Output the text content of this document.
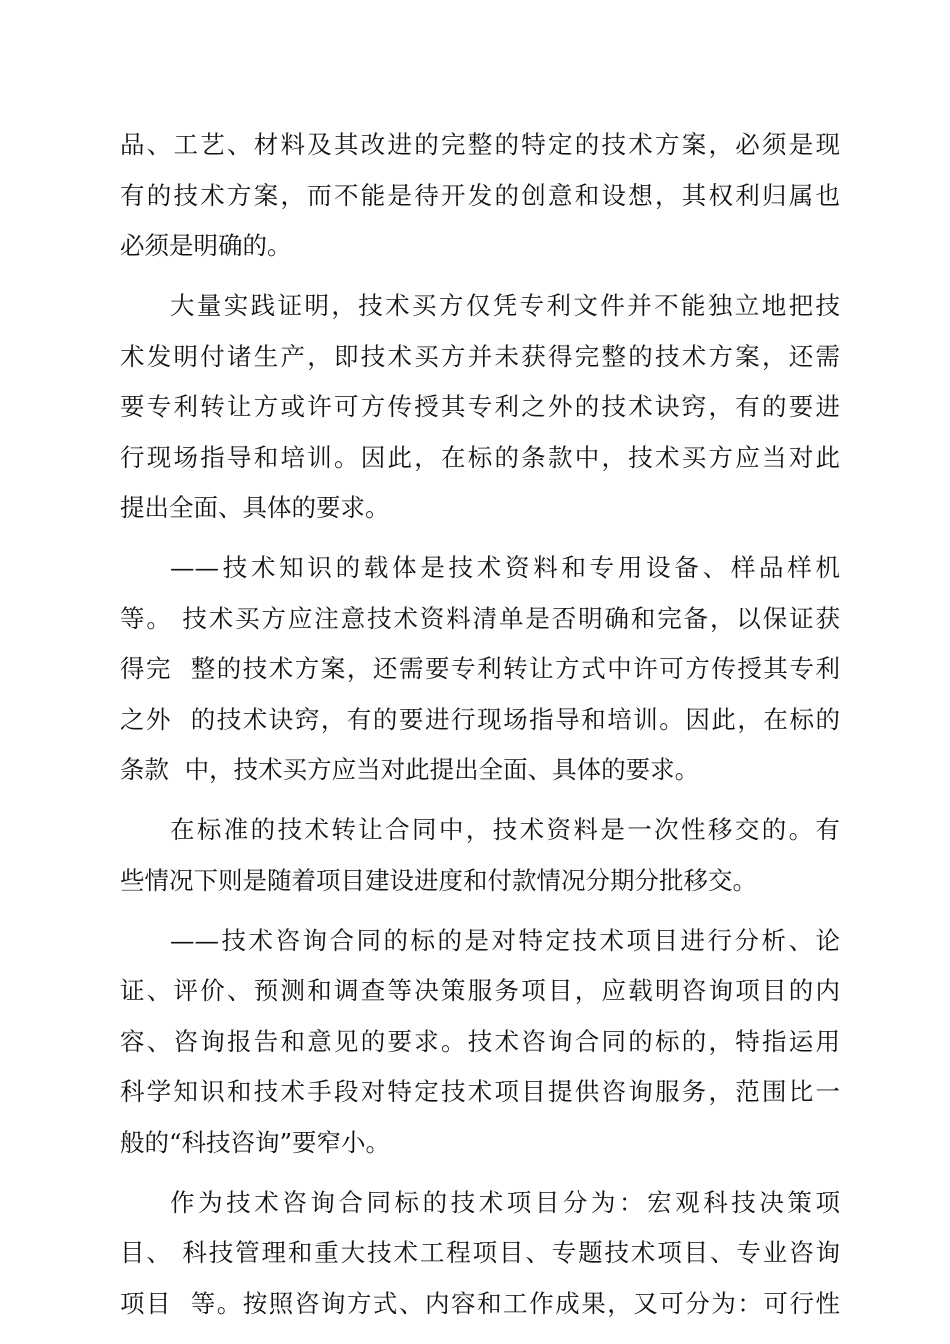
品、工艺、材料及其改进的完整的特定的技术方案，必须是现
有的技术方案，而不能是待开发的创意和设想，其权利归属也
必须是明确的。
大量实践证明，技术买方仅凭专利文件并不能独立地把技
术发明付诸生产，即技术买方并未获得完整的技术方案，还需
要专利转让方或许可方传授其专利之外的技术诀窍，有的要进
行现场指导和培训。因此，在标的条款中，技术买方应当对此
提出全面、具体的要求。
——技术知识的载体是技术资料和专用设备、样品样机
等。 技术买方应注意技术资料清单是否明确和完备，以保证获
得完  整的技术方案，还需要专利转让方式中许可方传授其专利
之外  的技术诀窍，有的要进行现场指导和培训。因此，在标的
条款  中，技术买方应当对此提出全面、具体的要求。
在标准的技术转让合同中，技术资料是一次性移交的。有
些情况下则是随着项目建设进度和付款情况分期分批移交。
——技术咨询合同的标的是对特定技术项目进行分析、论
证、评价、预测和调查等决策服务项目，应载明咨询项目的内
容、咨询报告和意见的要求。技术咨询合同的标的，特指运用
科学知识和技术手段对特定技术项目提供咨询服务，范围比一
般的“科技咨询”要窄小。
作为技术咨询合同标的技术项目分为：宏观科技决策项
目、 科技管理和重大技术工程项目、专题技术项目、专业咨询
项目  等。按照咨询方式、内容和工作成果，又可分为：可行性
